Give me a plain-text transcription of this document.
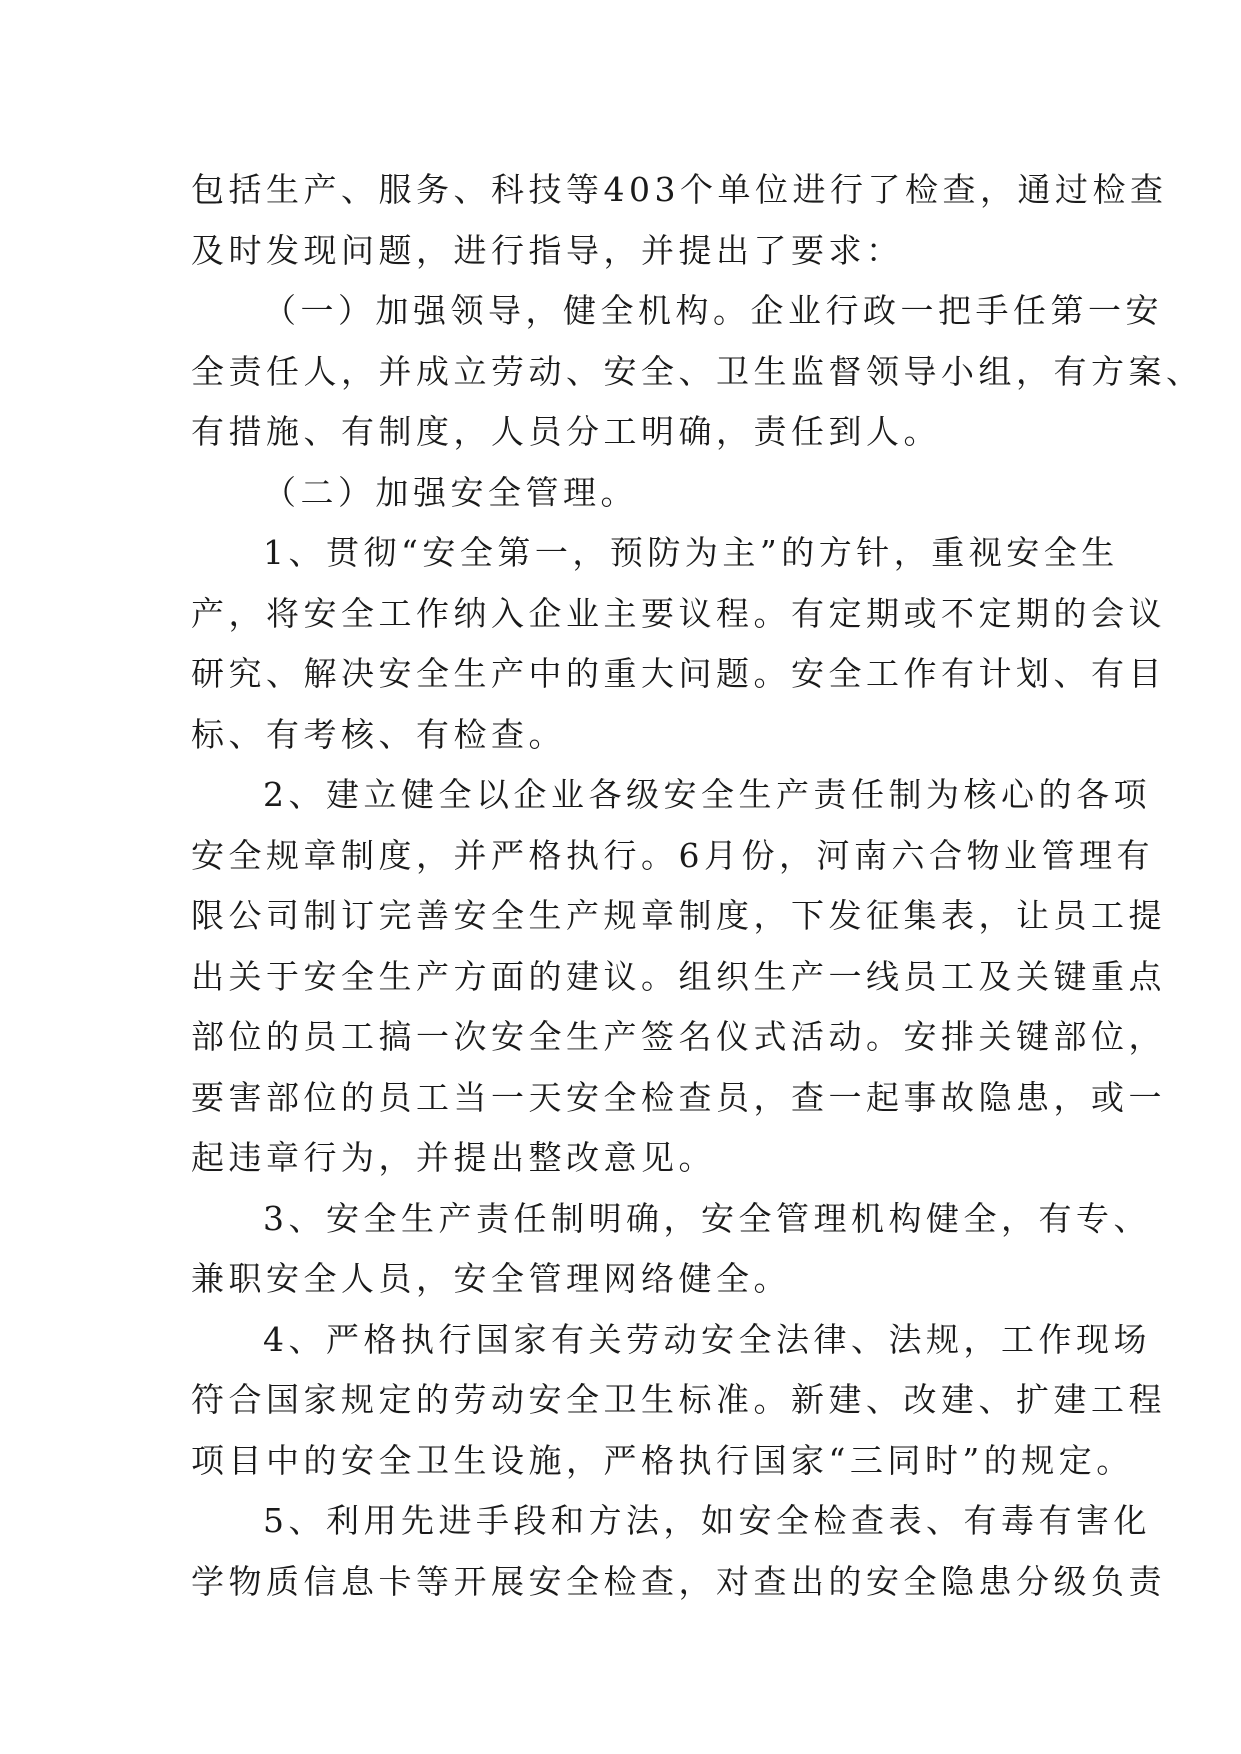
包括生产、服务、科技等403个单位进行了检查，通过检查
及时发现问题，进行指导，并提出了要求：
（一）加强领导，健全机构。企业行政一把手任第一安
全责任人，并成立劳动、安全、卫生监督领导小组，有方案、
有措施、有制度，人员分工明确，责任到人。
（二）加强安全管理。
1、贯彻“安全第一，预防为主”的方针，重视安全生
产，将安全工作纳入企业主要议程。有定期或不定期的会议
研究、解决安全生产中的重大问题。安全工作有计划、有目
标、有考核、有检查。
2、建立健全以企业各级安全生产责任制为核心的各项
安全规章制度，并严格执行。6月份，河南六合物业管理有
限公司制订完善安全生产规章制度，下发征集表，让员工提
出关于安全生产方面的建议。组织生产一线员工及关键重点
部位的员工搞一次安全生产签名仪式活动。安排关键部位，
要害部位的员工当一天安全检查员，查一起事故隐患，或一
起违章行为，并提出整改意见。
3、安全生产责任制明确，安全管理机构健全，有专、
兼职安全人员，安全管理网络健全。
4、严格执行国家有关劳动安全法律、法规，工作现场
符合国家规定的劳动安全卫生标准。新建、改建、扩建工程
项目中的安全卫生设施，严格执行国家“三同时”的规定。
5、利用先进手段和方法，如安全检查表、有毒有害化
学物质信息卡等开展安全检查，对查出的安全隐患分级负责
